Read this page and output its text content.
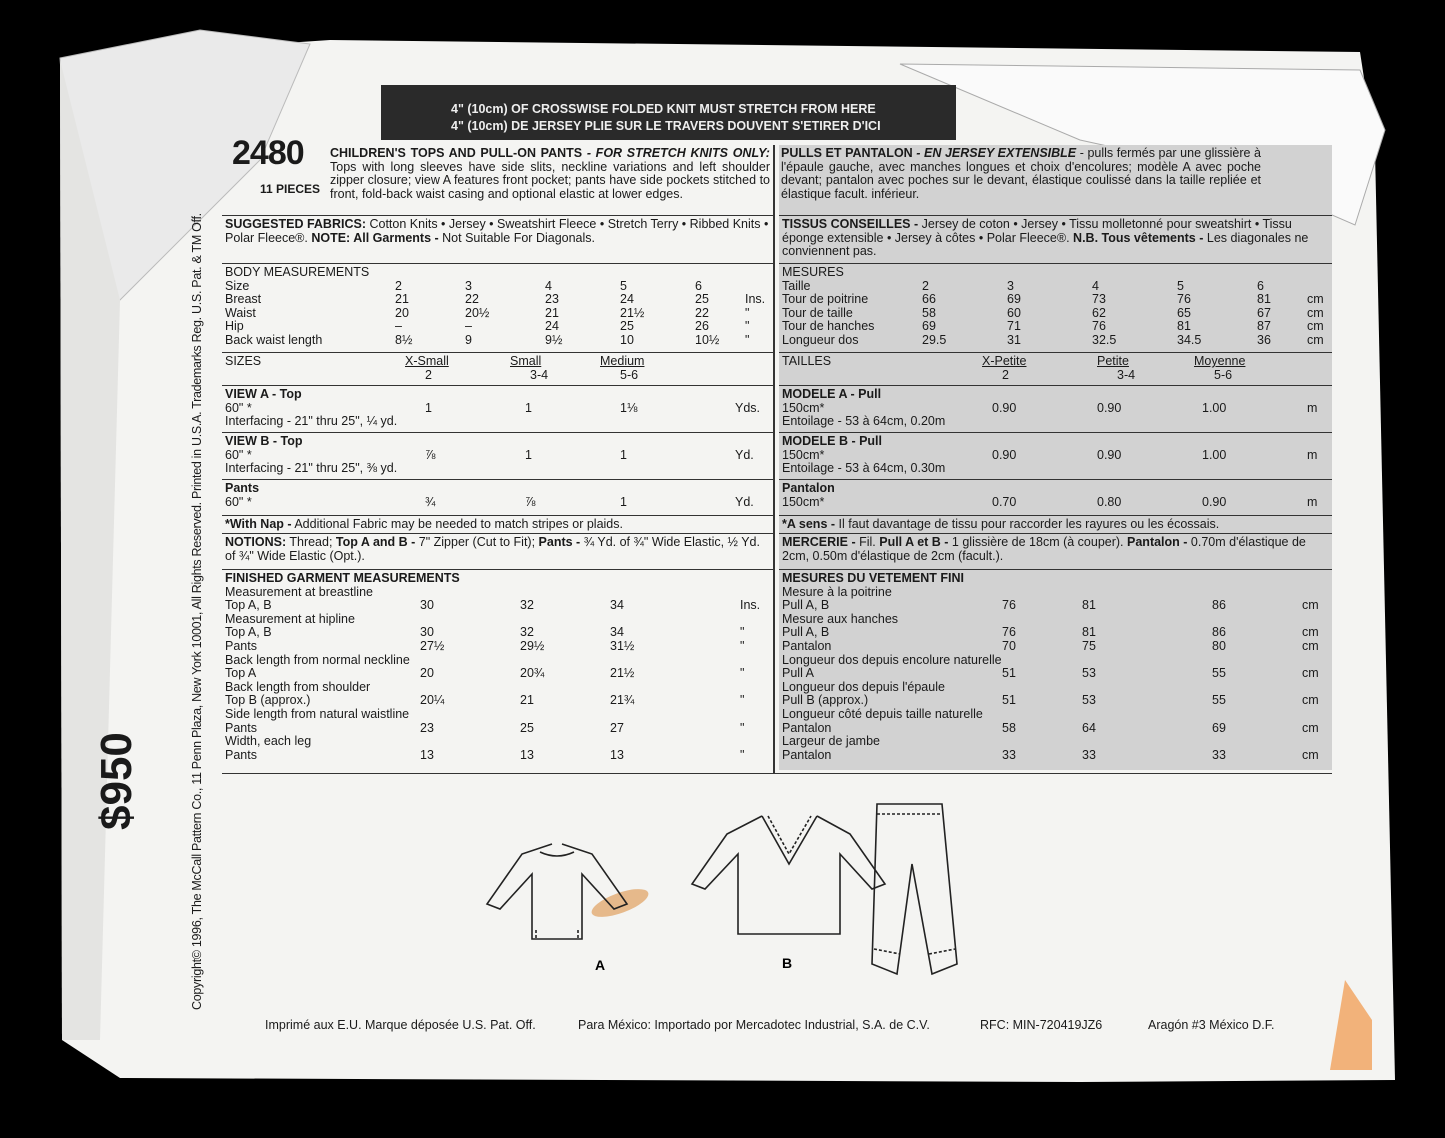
4" (10cm) OF CROSSWISE FOLDED KNIT MUST STRETCH FROM HERE
4" (10cm) DE JERSEY PLIE SUR LE TRAVERS DOUVENT S'ETIRER D'ICI
2480
11 PIECES
CHILDREN'S TOPS AND PULL-ON PANTS - FOR STRETCH KNITS ONLY: Tops with long sleeves have side slits, neckline variations and left shoulder zipper closure; view A features front pocket; pants have side pockets stitched to front, fold-back waist casing and optional elastic at lower edges.
SUGGESTED FABRICS: Cotton Knits • Jersey • Sweatshirt Fleece • Stretch Terry • Ribbed Knits • Polar Fleece®. NOTE: All Garments - Not Suitable For Diagonals.
BODY MEASUREMENTS
Size	2	3	4	5	6
Breast	21	22	23	24	25	Ins.
Waist	20	20½	21	21½	22	"
Hip	–	–	24	25	26	"
Back waist length	8½	9	9½	10	10½ "
SIZES	X-Small	Small	Medium
2	3-4	5-6
VIEW A - Top
60" *	1	1	1⅛	Yds.
Interfacing - 21" thru 25", ¼ yd.
VIEW B - Top
60" *	⅞	1	1	Yd.
Interfacing - 21" thru 25", ⅜ yd.
Pants
60" *	¾	⅞	1	Yd.
*With Nap - Additional Fabric may be needed to match stripes or plaids.
NOTIONS: Thread; Top A and B - 7" Zipper (Cut to Fit); Pants - ¾ Yd. of ¾" Wide Elastic, ½ Yd. of ¾" Wide Elastic (Opt.).
FINISHED GARMENT MEASUREMENTS
Measurement at breastline
Top A, B	30	32	34	Ins.
Measurement at hipline
Top A, B	30	32	34	"
Pants	27½	29½	31½	"
Back length from normal neckline
Top A	20	20¾	21½	"
Back length from shoulder
Top B (approx.)	20¼	21	21¾	"
Side length from natural waistline
Pants	23	25	27	"
Width, each leg
Pants	13	13	13	"
PULLS ET PANTALON - EN JERSEY EXTENSIBLE - pulls fermés par une glissière à l'épaule gauche, avec manches longues et choix d'encolures; modèle A avec poche devant; pantalon avec poches sur le devant, élastique coulissé dans la taille repliée et élastique facult. inférieur.
TISSUS CONSEILLES - Jersey de coton • Jersey • Tissu molletonné pour sweatshirt • Tissu éponge extensible • Jersey à côtes • Polar Fleece®. N.B. Tous vêtements - Les diagonales ne conviennent pas.
MESURES
Taille	2	3	4	5	6
Tour de poitrine	66	69	73	76	81	cm
Tour de taille	58	60	62	65	67	cm
Tour de hanches	69	71	76	81	87	cm
Longueur dos	29.5	31	32.5	34.5	36	cm
TAILLES	X-Petite	Petite	Moyenne
2	3-4	5-6
MODELE A - Pull
150cm*	0.90	0.90	1.00	m
Entoilage - 53 à 64cm, 0.20m
MODELE B - Pull
150cm*	0.90	0.90	1.00	m
Entoilage - 53 à 64cm, 0.30m
Pantalon
150cm*	0.70	0.80	0.90	m
*A sens - Il faut davantage de tissu pour raccorder les rayures ou les écossais.
MERCERIE - Fil. Pull A et B - 1 glissière de 18cm (à couper). Pantalon - 0.70m d'élastique de 2cm, 0.50m d'élastique de 2cm (facult.).
MESURES DU VETEMENT FINI
Mesure à la poitrine
Pull A, B	76	81	86	cm
Mesure aux hanches
Pull A, B	76	81	86	cm
Pantalon	70	75	80	cm
Longueur dos depuis encolure naturelle
Pull A	51	53	55	cm
Longueur dos depuis l'épaule
Pull B (approx.)	51	53	55	cm
Longueur côté depuis taille naturelle
Pantalon	58	64	69	cm
Largeur de jambe
Pantalon	33	33	33	cm
A	B
Copyright© 1996, The McCall Pattern Co., 11 Penn Plaza, New York 10001, All Rights Reserved. Printed in U.S.A. Trademarks Reg. U.S. Pat. & TM Off.
$950
Imprimé aux E.U. Marque déposée U.S. Pat. Off.	Para México: Importado por Mercadotec Industrial, S.A. de C.V.	RFC: MIN-720419JZ6	Aragón #3 México D.F.
